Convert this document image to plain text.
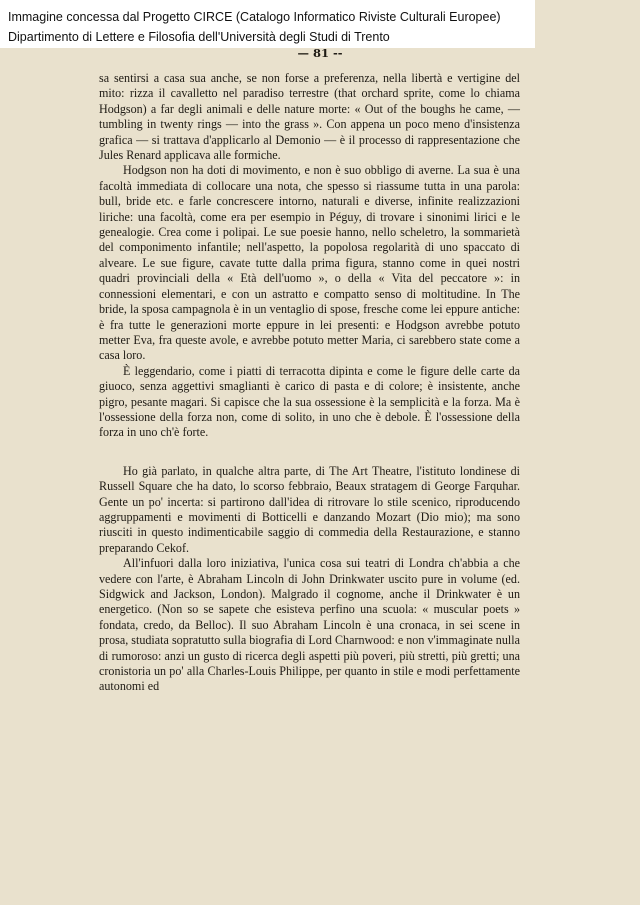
Immagine concessa dal Progetto CIRCE (Catalogo Informatico Riviste Culturali Europee)
Dipartimento di Lettere e Filosofia dell'Università degli Studi di Trento
— 81 --

sa sentirsi a casa sua anche, se non forse a preferenza, nella libertà e vertigine del mito: rizza il cavalletto nel paradiso terrestre (that orchard sprite, come lo chiama Hodgson) a far degli animali e delle nature morte: « Out of the boughs he came, — tumbling in twenty rings — into the grass ». Con appena un poco meno d'insistenza grafica — si trattava d'applicarlo al Demonio — è il processo di rappresentazione che Jules Renard applicava alle formiche.

Hodgson non ha doti di movimento, e non è suo obbligo di averne. La sua è una facoltà immediata di collocare una nota, che spesso si riassume tutta in una parola: bull, bride etc. e farle concrescere intorno, naturali e diverse, infinite realizzazioni liriche: una facoltà, come era per esempio in Péguy, di trovare i sinonimi lirici e le genealogie. Crea come i polipai. Le sue poesie hanno, nello scheletro, la sommarietà del componimento infantile; nell'aspetto, la popolosa regolarità di uno spaccato di alveare. Le sue figure, cavate tutte dalla prima figura, stanno come in quei nostri quadri provinciali della « Età dell'uomo », o della « Vita del peccatore »: in connessioni elementari, e con un astratto e compatto senso di moltitudine. In The bride, la sposa campagnola è in un ventaglio di spose, fresche come lei eppure antiche: è fra tutte le generazioni morte eppure in lei presenti: e Hodgson avrebbe potuto metter Eva, fra queste avole, e avrebbe potuto metter Maria, ci sarebbero state come a casa loro.

È leggendario, come i piatti di terracotta dipinta e come le figure delle carte da giuoco, senza aggettivi smaglianti è carico di pasta e di colore; è insistente, anche pigro, pesante magari. Si capisce che la sua ossessione è la semplicità e la forza. Ma è l'ossessione della forza non, come di solito, in uno che è debole. È l'ossessione della forza in uno ch'è forte.

Ho già parlato, in qualche altra parte, di The Art Theatre, l'istituto londinese di Russell Square che ha dato, lo scorso febbraio, Beaux stratagem di George Farquhar. Gente un po' incerta: si partirono dall'idea di ritrovare lo stile scenico, riproducendo aggruppamenti e movimenti di Botticelli e danzando Mozart (Dio mio); ma sono riusciti in questo indimenticabile saggio di commedia della Restaurazione, e stanno preparando Cekof.

All'infuori dalla loro iniziativa, l'unica cosa sui teatri di Londra ch'abbia a che vedere con l'arte, è Abraham Lincoln di John Drinkwater uscito pure in volume (ed. Sidgwick and Jackson, London). Malgrado il cognome, anche il Drinkwater è un energetico. (Non so se sapete che esisteva perfino una scuola: « muscular poets » fondata, credo, da Belloc). Il suo Abraham Lincoln è una cronaca, in sei scene in prosa, studiata sopratutto sulla biografia di Lord Charnwood: e non v'immaginate nulla di rumoroso: anzi un gusto di ricerca degli aspetti più poveri, più stretti, più gretti; una cronistoria un po' alla Charles-Louis Philippe, per quanto in stile e modi perfettamente autonomi ed
